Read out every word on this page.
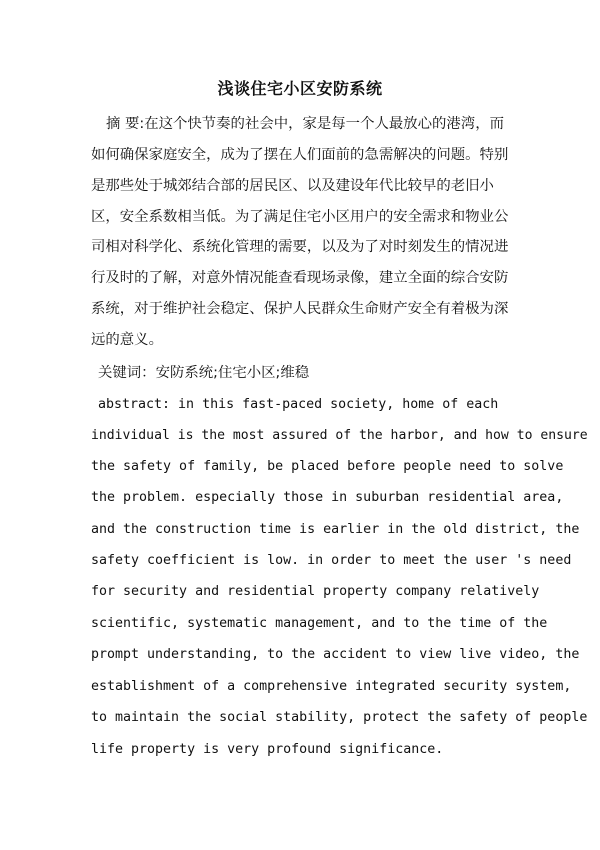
浅谈住宅小区安防系统
摘 要:在这个快节奏的社会中，家是每一个人最放心的港湾，而
如何确保家庭安全，成为了摆在人们面前的急需解决的问题。特别
是那些处于城郊结合部的居民区、以及建设年代比较早的老旧小
区，安全系数相当低。为了满足住宅小区用户的安全需求和物业公
司相对科学化、系统化管理的需要，以及为了对时刻发生的情况进
行及时的了解，对意外情况能查看现场录像，建立全面的综合安防
系统，对于维护社会稳定、保护人民群众生命财产安全有着极为深
远的意义。
关键词：安防系统;住宅小区;维稳
abstract: in this fast-paced society, home of each
individual is the most assured of the harbor, and how to ensure
the safety of family, be placed before people need to solve
the problem. especially those in suburban residential area,
and the construction time is earlier in the old district, the
safety coefficient is low. in order to meet the user 's need
for security and residential property company relatively
scientific, systematic management, and to the time of the
prompt understanding, to the accident to view live video, the
establishment of a comprehensive integrated security system,
to maintain the social stability, protect the safety of people
life property is very profound significance.
